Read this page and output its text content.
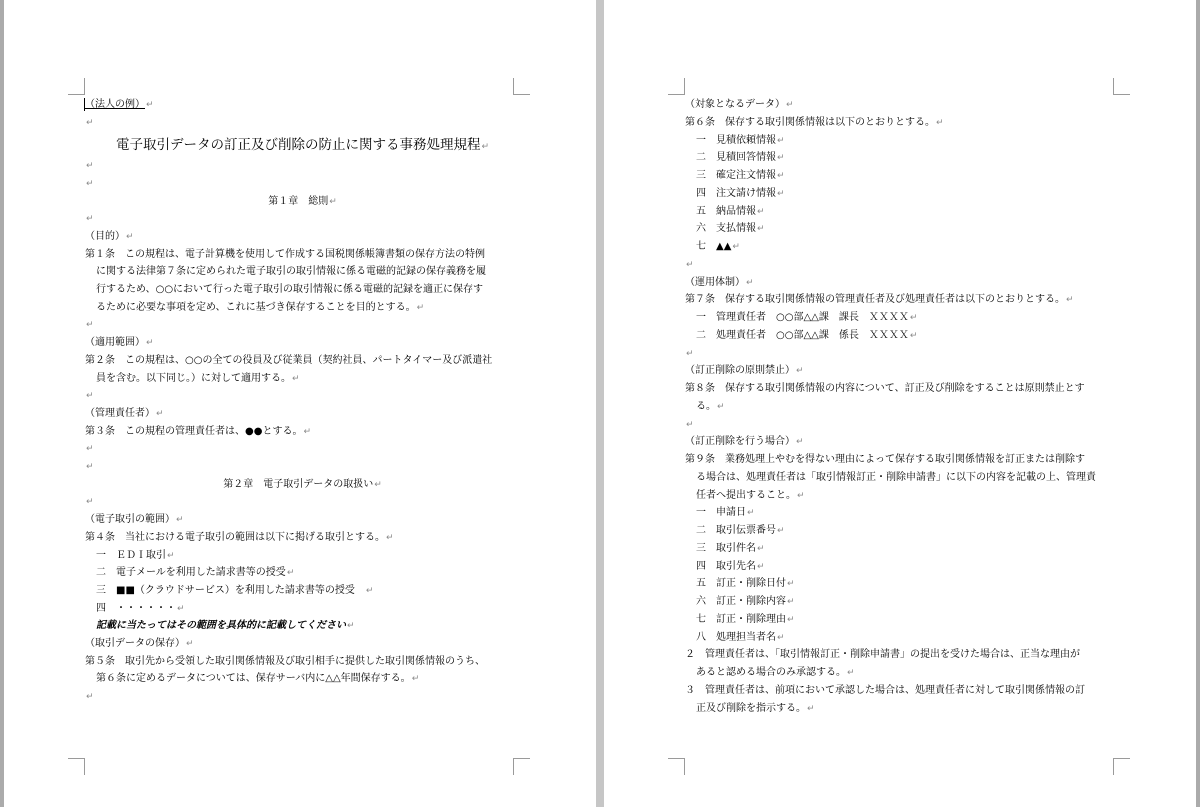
（法人の例）↵
↵
電子取引データの訂正及び削除の防止に関する事務処理規程↵
↵
↵
第１章　総則↵
↵
（目的）↵
第１条　この規程は、電子計算機を使用して作成する国税関係帳簿書類の保存方法の特例
に関する法律第７条に定められた電子取引の取引情報に係る電磁的記録の保存義務を履
行するため、○○において行った電子取引の取引情報に係る電磁的記録を適正に保存す
るために必要な事項を定め、これに基づき保存することを目的とする。↵
↵
（適用範囲）↵
第２条　この規程は、○○の全ての役員及び従業員（契約社員、パートタイマー及び派遣社
員を含む。以下同じ。）に対して適用する。↵
↵
（管理責任者）↵
第３条　この規程の管理責任者は、●●とする。↵
↵
↵
第２章　電子取引データの取扱い↵
↵
（電子取引の範囲）↵
第４条　当社における電子取引の範囲は以下に掲げる取引とする。↵
一　ＥＤＩ取引↵
二　電子メールを利用した請求書等の授受↵
三　■■（クラウドサービス）を利用した請求書等の授受　↵
四　・・・・・・↵
記載に当たってはその範囲を具体的に記載してください↵
（取引データの保存）↵
第５条　取引先から受領した取引関係情報及び取引相手に提供した取引関係情報のうち、
第６条に定めるデータについては、保存サーバ内に△△年間保存する。↵
↵
（対象となるデータ）↵
第６条　保存する取引関係情報は以下のとおりとする。↵
一　見積依頼情報↵
二　見積回答情報↵
三　確定注文情報↵
四　注文請け情報↵
五　納品情報↵
六　支払情報↵
七　▲▲↵
↵
（運用体制）↵
第７条　保存する取引関係情報の管理責任者及び処理責任者は以下のとおりとする。↵
一　管理責任者　○○部△△課　課長　ＸＸＸＸ↵
二　処理責任者　○○部△△課　係長　ＸＸＸＸ↵
↵
（訂正削除の原則禁止）↵
第８条　保存する取引関係情報の内容について、訂正及び削除をすることは原則禁止とす
る。↵
↵
（訂正削除を行う場合）↵
第９条　業務処理上やむを得ない理由によって保存する取引関係情報を訂正または削除す
る場合は、処理責任者は「取引情報訂正・削除申請書」に以下の内容を記載の上、管理責
任者へ提出すること。↵
一　申請日↵
二　取引伝票番号↵
三　取引件名↵
四　取引先名↵
五　訂正・削除日付↵
六　訂正・削除内容↵
七　訂正・削除理由↵
八　処理担当者名↵
２　管理責任者は、「取引情報訂正・削除申請書」の提出を受けた場合は、正当な理由が
あると認める場合のみ承認する。↵
３　管理責任者は、前項において承認した場合は、処理責任者に対して取引関係情報の訂
正及び削除を指示する。↵
